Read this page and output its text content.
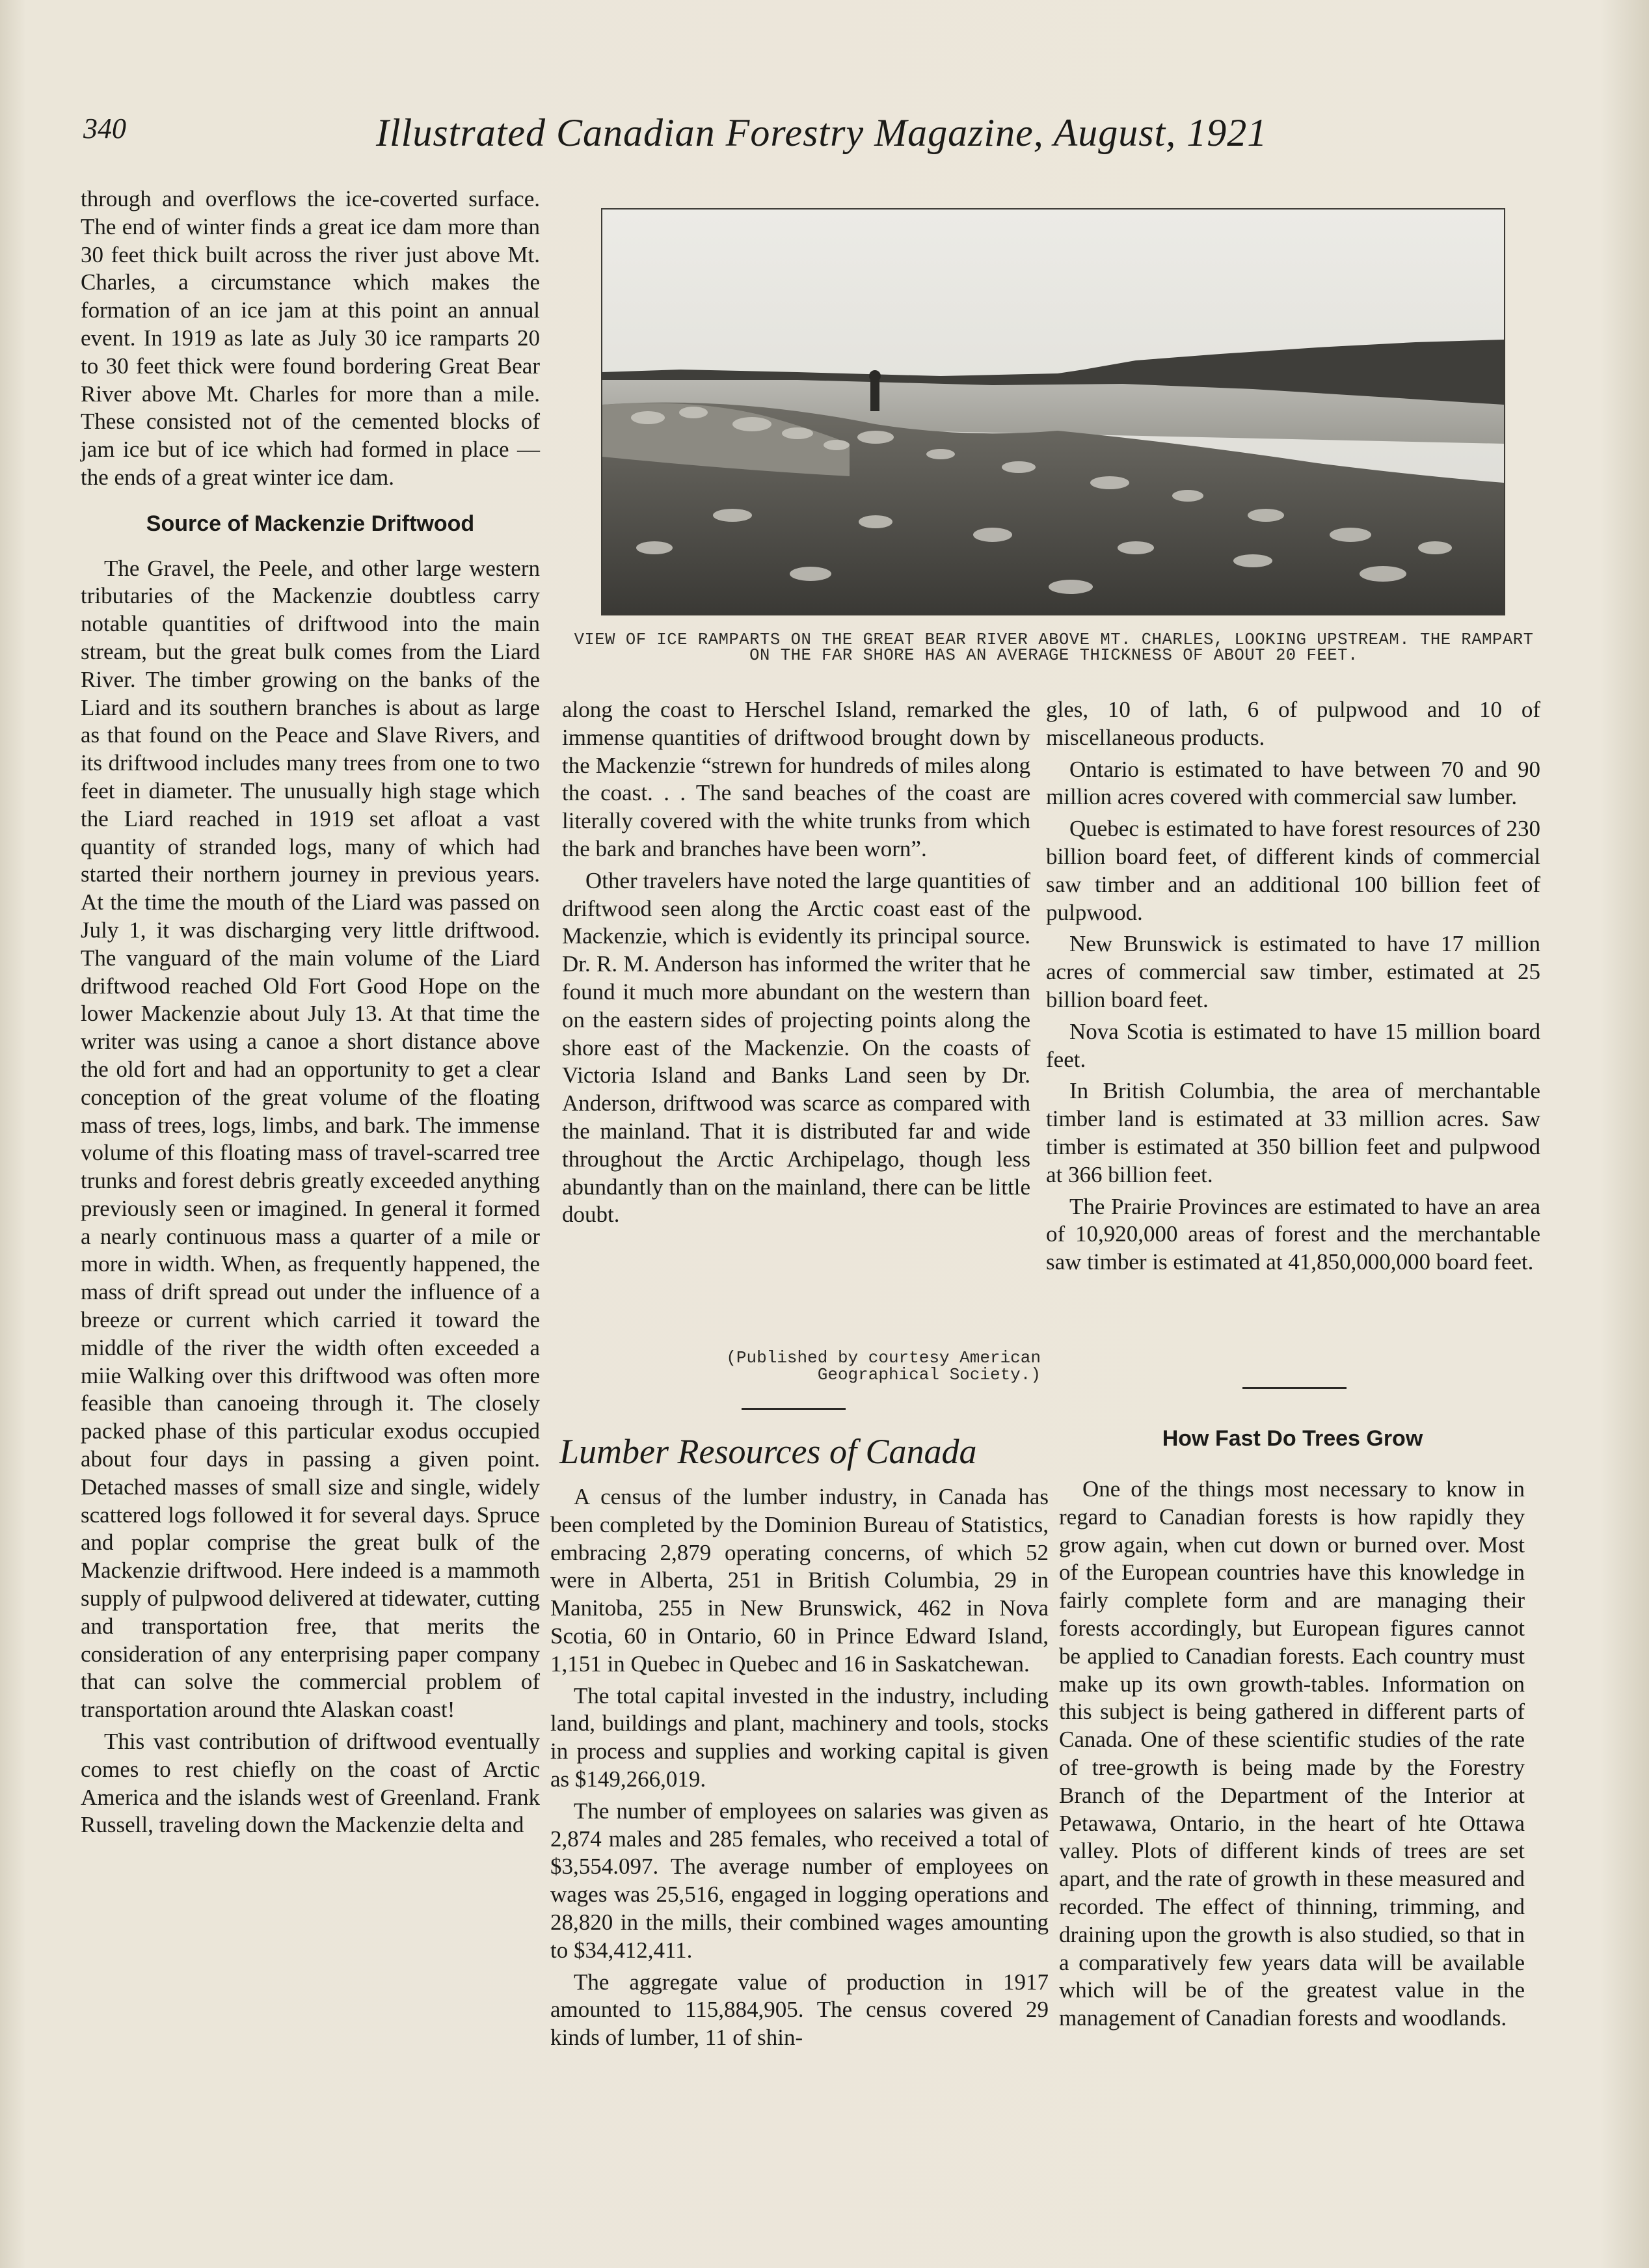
340	Illustrated Canadian Forestry Magazine, August, 1921

through and overflows the ice-coverted surface. The end of winter finds a great ice dam more than 30 feet thick built across the river just above Mt. Charles, a circumstance which makes the formation of an ice jam at this point an annual event. In 1919 as late as July 30 ice ramparts 20 to 30 feet thick were found bordering Great Bear River above Mt. Charles for more than a mile. These consisted not of the cemented blocks of jam ice but of ice which had formed in place — the ends of a great winter ice dam.

Source of Mackenzie Driftwood

The Gravel, the Peele, and other large western tributaries of the Mackenzie doubtless carry notable quantities of driftwood into the main stream, but the great bulk comes from the Liard River. The timber growing on the banks of the Liard and its southern branches is about as large as that found on the Peace and Slave Rivers, and its driftwood includes many trees from one to two feet in diameter. The unusually high stage which the Liard reached in 1919 set afloat a vast quantity of stranded logs, many of which had started their northern journey in previous years. At the time the mouth of the Liard was passed on July 1, it was discharging very little driftwood. The vanguard of the main volume of the Liard driftwood reached Old Fort Good Hope on the lower Mackenzie about July 13. At that time the writer was using a canoe a short distance above the old fort and had an opportunity to get a clear conception of the great volume of the floating mass of trees, logs, limbs, and bark. The immense volume of this floating mass of travel-scarred tree trunks and forest debris greatly exceeded anything previously seen or imagined. In general it formed a nearly continuous mass a quarter of a mile or more in width. When, as frequently happened, the mass of drift spread out under the influence of a breeze or current which carried it toward the middle of the river the width often exceeded a miie Walking over this driftwood was often more feasible than canoeing through it. The closely packed phase of this particular exodus occupied about four days in passing a given point. Detached masses of small size and single, widely scattered logs followed it for several days. Spruce and poplar comprise the great bulk of the Mackenzie driftwood. Here indeed is a mammoth supply of pulpwood delivered at tidewater, cutting and transportation free, that merits the consideration of any enterprising paper company that can solve the commercial problem of transportation around thte Alaskan coast!

This vast contribution of driftwood eventually comes to rest chiefly on the coast of Arctic America and the islands west of Greenland. Frank Russell, traveling down the Mackenzie delta and

VIEW OF ICE RAMPARTS ON THE GREAT BEAR RIVER ABOVE MT. CHARLES, LOOKING UPSTREAM. THE RAMPART ON THE FAR SHORE HAS AN AVERAGE THICKNESS OF ABOUT 20 FEET.

along the coast to Herschel Island, remarked the immense quantities of driftwood brought down by the Mackenzie “strewn for hundreds of miles along the coast. . . The sand beaches of the coast are literally covered with the white trunks from which the bark and branches have been worn”.

Other travelers have noted the large quantities of driftwood seen along the Arctic coast east of the Mackenzie, which is evidently its principal source. Dr. R. M. Anderson has informed the writer that he found it much more abundant on the western than on the eastern sides of projecting points along the shore east of the Mackenzie. On the coasts of Victoria Island and Banks Land seen by Dr. Anderson, driftwood was scarce as compared with the mainland. That it is distributed far and wide throughout the Arctic Archipelago, though less abundantly than on the mainland, there can be little doubt.

(Published by courtesy American
Geographical Society.)

gles, 10 of lath, 6 of pulpwood and 10 of miscellaneous products.

Ontario is estimated to have between 70 and 90 million acres covered with commercial saw lumber.

Quebec is estimated to have forest resources of 230 billion board feet, of different kinds of commercial saw timber and an additional 100 billion feet of pulpwood.

New Brunswick is estimated to have 17 million acres of commercial saw timber, estimated at 25 billion board feet.

Nova Scotia is estimated to have 15 million board feet.

In British Columbia, the area of merchantable timber land is estimated at 33 million acres. Saw timber is estimated at 350 billion feet and pulpwood at 366 billion feet.

The Prairie Provinces are estimated to have an area of 10,920,000 areas of forest and the merchantable saw timber is estimated at 41,850,000,000 board feet.

Lumber Resources of Canada

A census of the lumber industry, in Canada has been completed by the Dominion Bureau of Statistics, embracing 2,879 operating concerns, of which 52 were in Alberta, 251 in British Columbia, 29 in Manitoba, 255 in New Brunswick, 462 in Nova Scotia, 60 in Ontario, 60 in Prince Edward Island, 1,151 in Quebec in Quebec and 16 in Saskatchewan.

The total capital invested in the industry, including land, buildings and plant, machinery and tools, stocks in process and supplies and working capital is given as $149,266,019.

The number of employees on salaries was given as 2,874 males and 285 females, who received a total of $3,554.097. The average number of employees on wages was 25,516, engaged in logging operations and 28,820 in the mills, their combined wages amounting to $34,412,411.

The aggregate value of production in 1917 amounted to 115,884,905. The census covered 29 kinds of lumber, 11 of shin-

How Fast Do Trees Grow

One of the things most necessary to know in regard to Canadian forests is how rapidly they grow again, when cut down or burned over. Most of the European countries have this knowledge in fairly complete form and are managing their forests accordingly, but European figures cannot be applied to Canadian forests. Each country must make up its own growth-tables. Information on this subject is being gathered in different parts of Canada. One of these scientific studies of the rate of tree-growth is being made by the Forestry Branch of the Department of the Interior at Petawawa, Ontario, in the heart of hte Ottawa valley. Plots of different kinds of trees are set apart, and the rate of growth in these measured and recorded. The effect of thinning, trimming, and draining upon the growth is also studied, so that in a comparatively few years data will be available which will be of the greatest value in the management of Canadian forests and woodlands.
